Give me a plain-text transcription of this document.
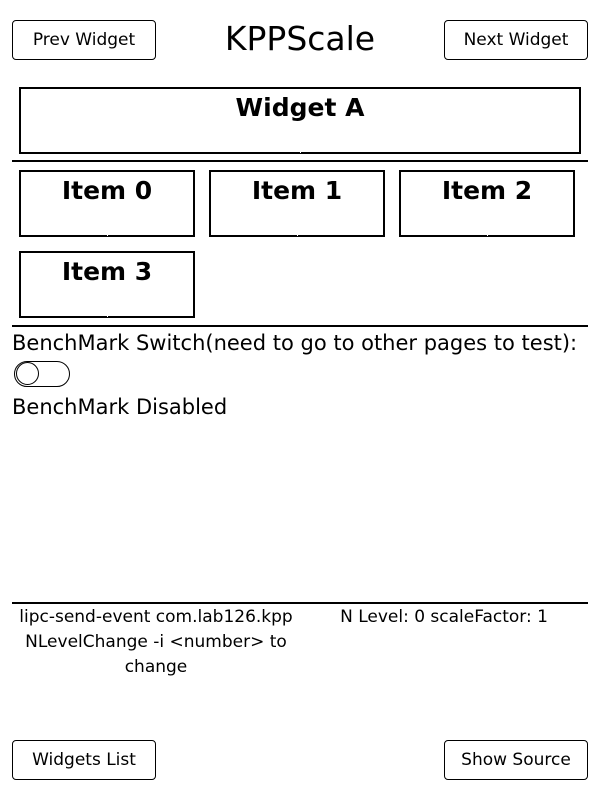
Prev Widget	KPPScale	Next Widget
Widget A
Item 0	Item 1	Item 2
Item 3
BenchMark Switch(need to go to other pages to test):
BenchMark Disabled
lipc-send-event com.lab126.kpp NLevelChange -i <number> to change
N Level: 0 scaleFactor: 1
Widgets List	Show Source
